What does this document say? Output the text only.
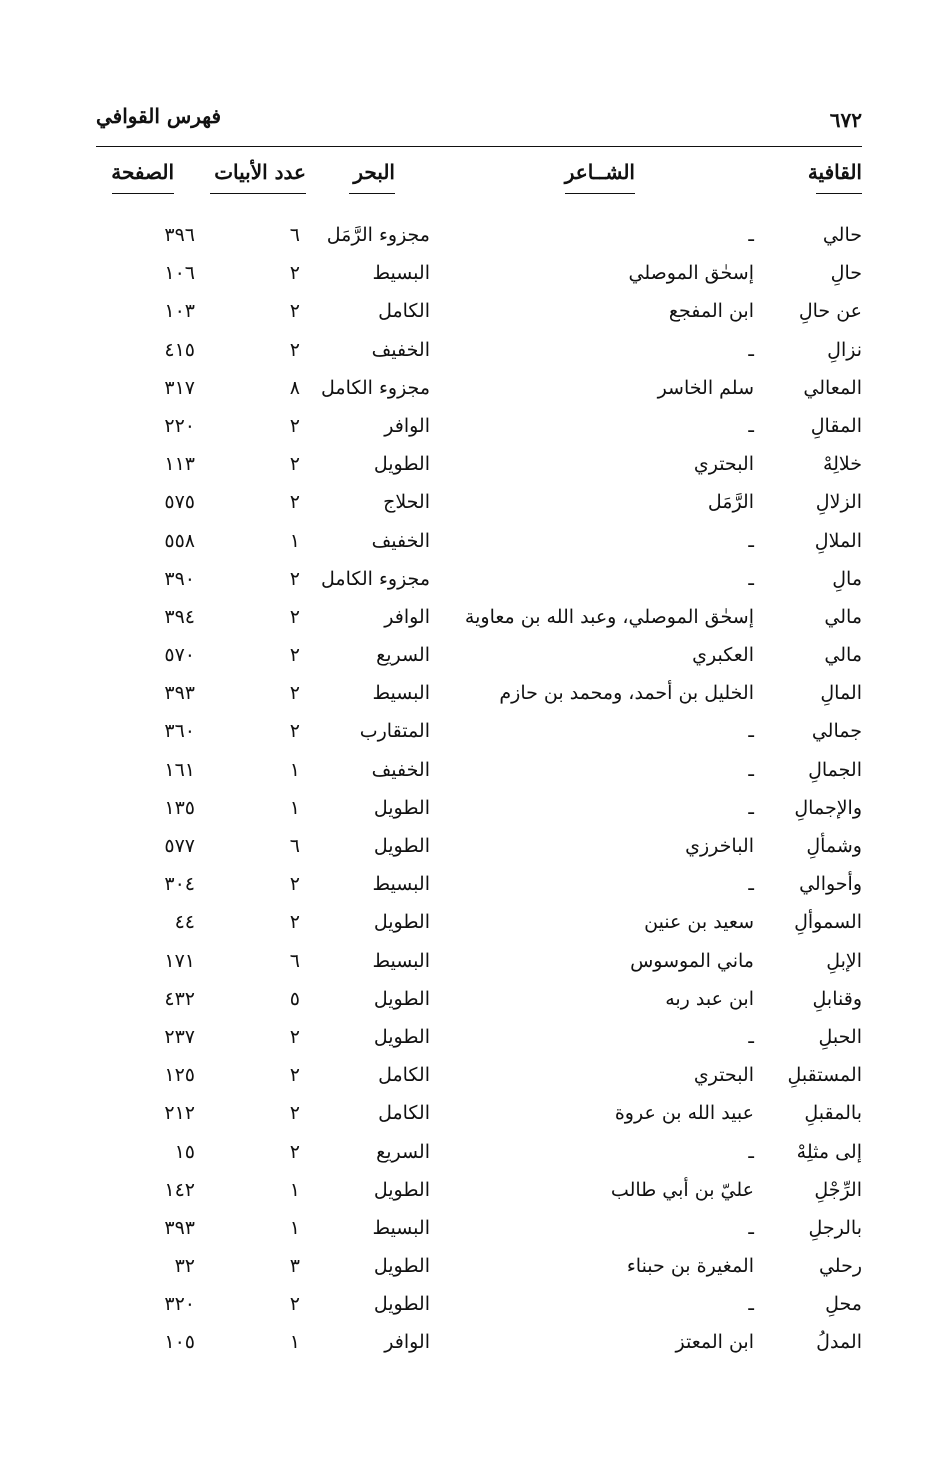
٦٧٢
فهرس القوافي
القافية
الشــاعر
البحر
عدد الأبيات
الصفحة
حالي
ـ
مجزوء الرَّمَل
٦
٣٩٦
حالِ
إسحٰق الموصلي
البسيط
٢
١٠٦
عن حالِ
ابن المفجع
الكامل
٢
١٠٣
نزالِ
ـ
الخفيف
٢
٤١٥
المعالي
سلم الخاسر
مجزوء الكامل
٨
٣١٧
المقالِ
ـ
الوافر
٢
٢٢٠
خلالِهْ
البحتري
الطويل
٢
١١٣
الزلالِ
الرَّمَل
الحلاج
٢
٥٧٥
الملالِ
ـ
الخفيف
١
٥٥٨
مالِ
ـ
مجزوء الكامل
٢
٣٩٠
مالي
إسحٰق الموصلي، وعبد الله بن معاوية
الوافر
٢
٣٩٤
مالي
العكبري
السريع
٢
٥٧٠
المالِ
الخليل بن أحمد، ومحمد بن حازم
البسيط
٢
٣٩٣
جمالي
ـ
المتقارب
٢
٣٦٠
الجمالِ
ـ
الخفيف
١
١٦١
والإجمالِ
ـ
الطويل
١
١٣٥
وشمألِ
الباخرزي
الطويل
٦
٥٧٧
وأحوالي
ـ
البسيط
٢
٣٠٤
السموألِ
سعيد بن عنين
الطويل
٢
٤٤
الإبلِ
ماني الموسوس
البسيط
٦
١٧١
وقنابلِ
ابن عبد ربه
الطويل
٥
٤٣٢
الحبلِ
ـ
الطويل
٢
٢٣٧
المستقبلِ
البحتري
الكامل
٢
١٢٥
بالمقبلِ
عبيد الله بن عروة
الكامل
٢
٢١٢
إلى مثلِهْ
ـ
السريع
٢
١٥
الرِّجْلِ
عليّ بن أبي طالب
الطويل
١
١٤٢
بالرجلِ
ـ
البسيط
١
٣٩٣
رحلي
المغيرة بن حبناء
الطويل
٣
٣٢
محلِ
ـ
الطويل
٢
٣٢٠
المدلُ
ابن المعتز
الوافر
١
١٠٥
